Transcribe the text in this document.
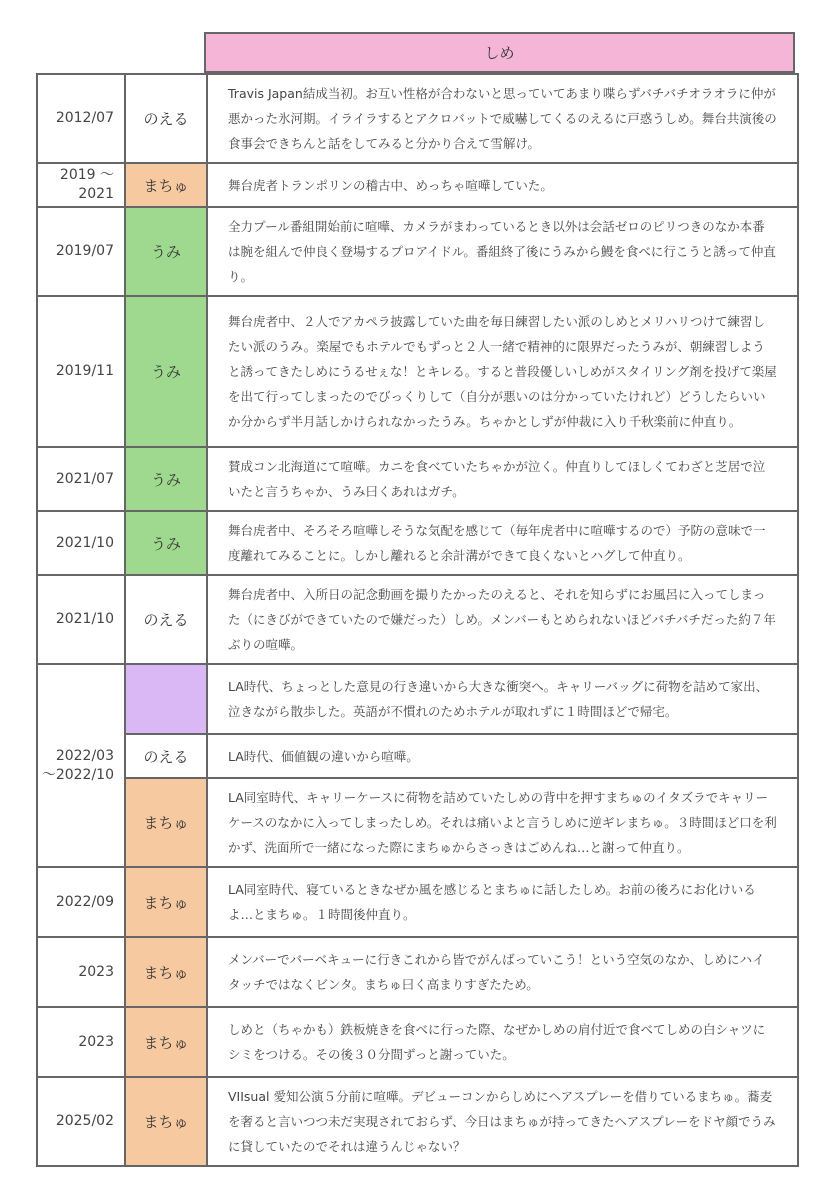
しめ
2012/07	のえる	Travis Japan結成当初。お互い性格が合わないと思っていてあまり喋らずバチバチオラオラに仲が悪かった氷河期。イライラするとアクロバットで威嚇してくるのえるに戸惑うしめ。舞台共演後の食事会できちんと話をしてみると分かり合えて雪解け。
2019 ～2021	まちゅ	舞台虎者トランポリンの稽古中、めっちゃ喧嘩していた。
2019/07	うみ	全力プール番組開始前に喧嘩、カメラがまわっているとき以外は会話ゼロのピリつきのなか本番は腕を組んで仲良く登場するプロアイドル。番組終了後にうみから鰻を食べに行こうと誘って仲直り。
2019/11	うみ	舞台虎者中、２人でアカペラ披露していた曲を毎日練習したい派のしめとメリハリつけて練習したい派のうみ。楽屋でもホテルでもずっと２人一緒で精神的に限界だったうみが、朝練習しようと誘ってきたしめにうるせぇな！とキレる。すると普段優しいしめがスタイリング剤を投げて楽屋を出て行ってしまったのでびっくりして（自分が悪いのは分かっていたけれど）どうしたらいいか分からず半月話しかけられなかったうみ。ちゃかとしずが仲裁に入り千秋楽前に仲直り。
2021/07	うみ	賛成コン北海道にて喧嘩。カニを食べていたちゃかが泣く。仲直りしてほしくてわざと芝居で泣いたと言うちゃか、うみ曰くあれはガチ。
2021/10	うみ	舞台虎者中、そろそろ喧嘩しそうな気配を感じて（毎年虎者中に喧嘩するので）予防の意味で一度離れてみることに。しかし離れると余計溝ができて良くないとハグして仲直り。
2021/10	のえる	舞台虎者中、入所日の記念動画を撮りたかったのえると、それを知らずにお風呂に入ってしまった（にきびができていたので嫌だった）しめ。メンバーもとめられないほどバチバチだった約７年ぶりの喧嘩。
2022/03 ～2022/10		LA時代、ちょっとした意見の行き違いから大きな衝突へ。キャリーバッグに荷物を詰めて家出、泣きながら散歩した。英語が不慣れのためホテルが取れずに１時間ほどで帰宅。
	のえる	LA時代、価値観の違いから喧嘩。
	まちゅ	LA同室時代、キャリーケースに荷物を詰めていたしめの背中を押すまちゅのイタズラでキャリーケースのなかに入ってしまったしめ。それは痛いよと言うしめに逆ギレまちゅ。３時間ほど口を利かず、洗面所で一緒になった際にまちゅからさっきはごめんね…と謝って仲直り。
2022/09	まちゅ	LA同室時代、寝ているときなぜか風を感じるとまちゅに話したしめ。お前の後ろにお化けいるよ…とまちゅ。１時間後仲直り。
2023	まちゅ	メンバーでバーベキューに行きこれから皆でがんばっていこう！という空気のなか、しめにハイタッチではなくビンタ。まちゅ曰く高まりすぎたため。
2023	まちゅ	しめと（ちゃかも）鉄板焼きを食べに行った際、なぜかしめの肩付近で食べてしめの白シャツにシミをつける。その後３０分間ずっと謝っていた。
2025/02	まちゅ	VIIsual 愛知公演５分前に喧嘩。デビューコンからしめにヘアスプレーを借りているまちゅ。蕎麦を奢ると言いつつ未だ実現されておらず、今日はまちゅが持ってきたヘアスプレーをドヤ顔でうみに貸していたのでそれは違うんじゃない？
